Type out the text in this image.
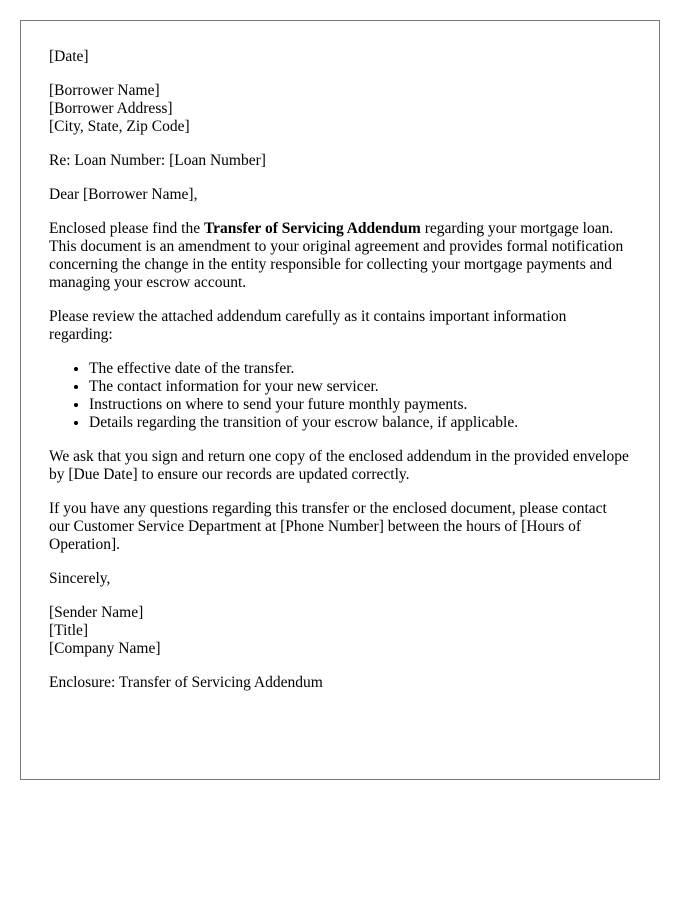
[Date]

[Borrower Name]
[Borrower Address]
[City, State, Zip Code]

Re: Loan Number: [Loan Number]

Dear [Borrower Name],

Enclosed please find the Transfer of Servicing Addendum regarding your mortgage loan. This document is an amendment to your original agreement and provides formal notification concerning the change in the entity responsible for collecting your mortgage payments and managing your escrow account.

Please review the attached addendum carefully as it contains important information regarding:

• The effective date of the transfer.
• The contact information for your new servicer.
• Instructions on where to send your future monthly payments.
• Details regarding the transition of your escrow balance, if applicable.

We ask that you sign and return one copy of the enclosed addendum in the provided envelope by [Due Date] to ensure our records are updated correctly.

If you have any questions regarding this transfer or the enclosed document, please contact our Customer Service Department at [Phone Number] between the hours of [Hours of Operation].

Sincerely,

[Sender Name]
[Title]
[Company Name]

Enclosure: Transfer of Servicing Addendum
